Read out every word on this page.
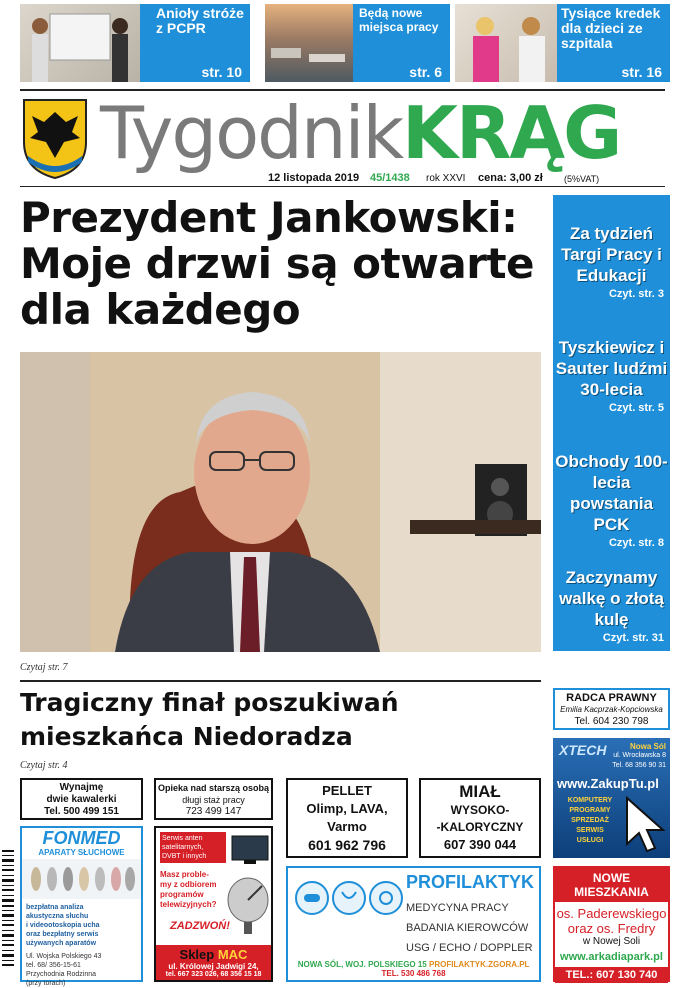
Anioły stróże z PCPR
str. 10
Będą nowe miejsca pracy
str. 6
Tysiące kredek dla dzieci ze szpitala
str. 16
TygodnikKRĄG
12 listopada 2019 45/1438 rok XXVI cena: 3,00 zł (5%VAT)
Prezydent Jankowski: Moje drzwi są otwarte dla każdego
Czytaj str. 7
Za tydzień Targi Pracy i Edukacji
Czyt. str. 3
Tyszkiewicz i Sauter ludźmi 30-lecia
Czyt. str. 5
Obchody 100-lecia powstania PCK
Czyt. str. 8
Zaczynamy walkę o złotą kulę
Czyt. str. 31
Tragiczny finał poszukiwań mieszkańca Niedoradza
Czytaj str. 4
RADCA PRAWNY
Emilia Kacprzak-Kopciowska
Tel. 604 230 798
XTECH	Nowa Sól
ul. Wrocławska 8
Tel. 68 356 90 31
www.ZakupTu.pl
KOMPUTERY
PROGRAMY
SPRZEDAŻ
SERWIS
USŁUGI
NOWE MIESZKANIA
os. Paderewskiego
oraz os. Fredry
w Nowej Soli
www.arkadiapark.pl
TEL.: 607 130 740
Wynajmę
dwie kawalerki
Tel. 500 499 151
Opieka nad starszą osobą
długi staż pracy
723 499 147
PELLET
Olimp, LAVA,
Varmo
601 962 796
MIAŁ
WYSOKO-
-KALORYCZNY
607 390 044
FONMED
APARATY SŁUCHOWE
bezpłatna analiza
akustyczna słuchu
i videootoskopia ucha
oraz bezpłatny serwis
używanych aparatów
Ul. Wojska Polskiego 43
tel. 68/ 356-15-61
Przychodnia Rodzinna
(przy torach)
Serwis anten
satelitarnych,
DVBT i innych
Masz proble-
my z odbiorem
programów
telewizyjnych?
ZADZWOŃ!
Sklep MAC
ul. Królowej Jadwigi 24,
tel. 667 323 026, 68 356 15 18
PROFILAKTYK
MEDYCYNA PRACY
BADANIA KIEROWCÓW
USG / ECHO / DOPPLER
NOWA SÓL, WOJ. POLSKIEGO 15 PROFILAKTYK.ZGORA.PL TEL. 530 486 768
